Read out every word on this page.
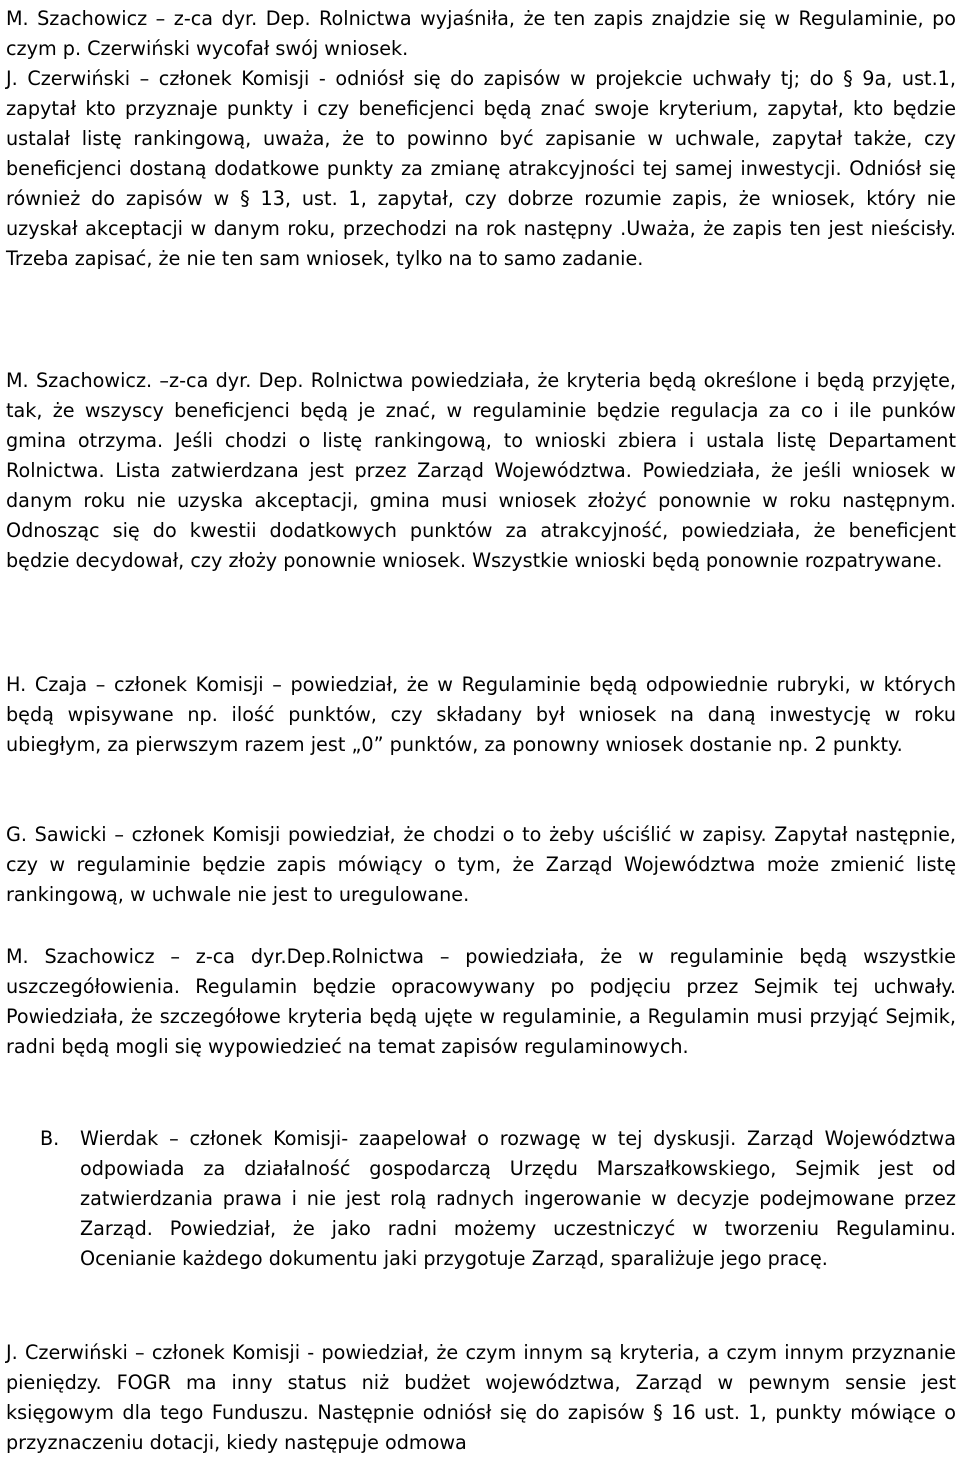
M. Szachowicz – z-ca dyr. Dep. Rolnictwa wyjaśniła, że ten zapis znajdzie się w Regulaminie, po czym p. Czerwiński wycofał swój wniosek.

J. Czerwiński – członek Komisji - odniósł się do zapisów w projekcie uchwały tj; do § 9a, ust.1, zapytał kto przyznaje punkty i czy beneficjenci będą znać swoje kryterium, zapytał, kto będzie ustalał listę rankingową, uważa, że to powinno być zapisanie w uchwale, zapytał także, czy beneficjenci dostaną dodatkowe punkty za zmianę atrakcyjności tej samej inwestycji. Odniósł się również do zapisów w § 13, ust. 1, zapytał, czy dobrze rozumie zapis, że wniosek, który nie uzyskał akceptacji w danym roku, przechodzi na rok następny .Uważa, że zapis ten jest nieścisły. Trzeba zapisać, że nie ten sam wniosek, tylko na to samo zadanie.

M. Szachowicz. –z-ca dyr. Dep. Rolnictwa powiedziała, że kryteria będą określone i będą przyjęte, tak, że wszyscy beneficjenci będą je znać, w regulaminie będzie regulacja za co i ile punków gmina otrzyma. Jeśli chodzi o listę rankingową, to wnioski zbiera i ustala listę Departament Rolnictwa. Lista zatwierdzana jest przez Zarząd Województwa. Powiedziała, że jeśli wniosek w danym roku nie uzyska akceptacji, gmina musi wniosek złożyć ponownie w roku następnym. Odnosząc się do kwestii dodatkowych punktów za atrakcyjność, powiedziała, że beneficjent będzie decydował, czy złoży ponownie wniosek. Wszystkie wnioski będą ponownie rozpatrywane.

H. Czaja – członek Komisji – powiedział, że w Regulaminie będą odpowiednie rubryki, w których będą wpisywane np. ilość punktów, czy składany był wniosek na daną inwestycję w roku ubiegłym, za pierwszym razem jest „0” punktów, za ponowny wniosek dostanie np. 2 punkty.

G. Sawicki – członek Komisji powiedział, że chodzi o to żeby uściślić w zapisy. Zapytał następnie, czy w regulaminie będzie zapis mówiący o tym, że Zarząd Województwa może zmienić listę rankingową, w uchwale nie jest to uregulowane.

M. Szachowicz – z-ca dyr.Dep.Rolnictwa – powiedziała, że w regulaminie będą wszystkie uszczegółowienia. Regulamin będzie opracowywany po podjęciu przez Sejmik tej uchwały. Powiedziała, że szczegółowe kryteria będą ujęte w regulaminie, a Regulamin musi przyjąć Sejmik, radni będą mogli się wypowiedzieć na temat zapisów regulaminowych.

B. Wierdak – członek Komisji- zaapelował o rozwagę w tej dyskusji. Zarząd Województwa odpowiada za działalność gospodarczą Urzędu Marszałkowskiego, Sejmik jest od zatwierdzania prawa i nie jest rolą radnych ingerowanie w decyzje podejmowane przez Zarząd. Powiedział, że jako radni możemy uczestniczyć w tworzeniu Regulaminu. Ocenianie każdego dokumentu jaki przygotuje Zarząd, sparaliżuje jego pracę.

J. Czerwiński – członek Komisji - powiedział, że czym innym są kryteria, a czym innym przyznanie pieniędzy. FOGR ma inny status niż budżet województwa, Zarząd w pewnym sensie jest księgowym dla tego Funduszu. Następnie odniósł się do zapisów § 16 ust. 1, punkty mówiące o przyznaczeniu dotacji, kiedy następuje odmowa
